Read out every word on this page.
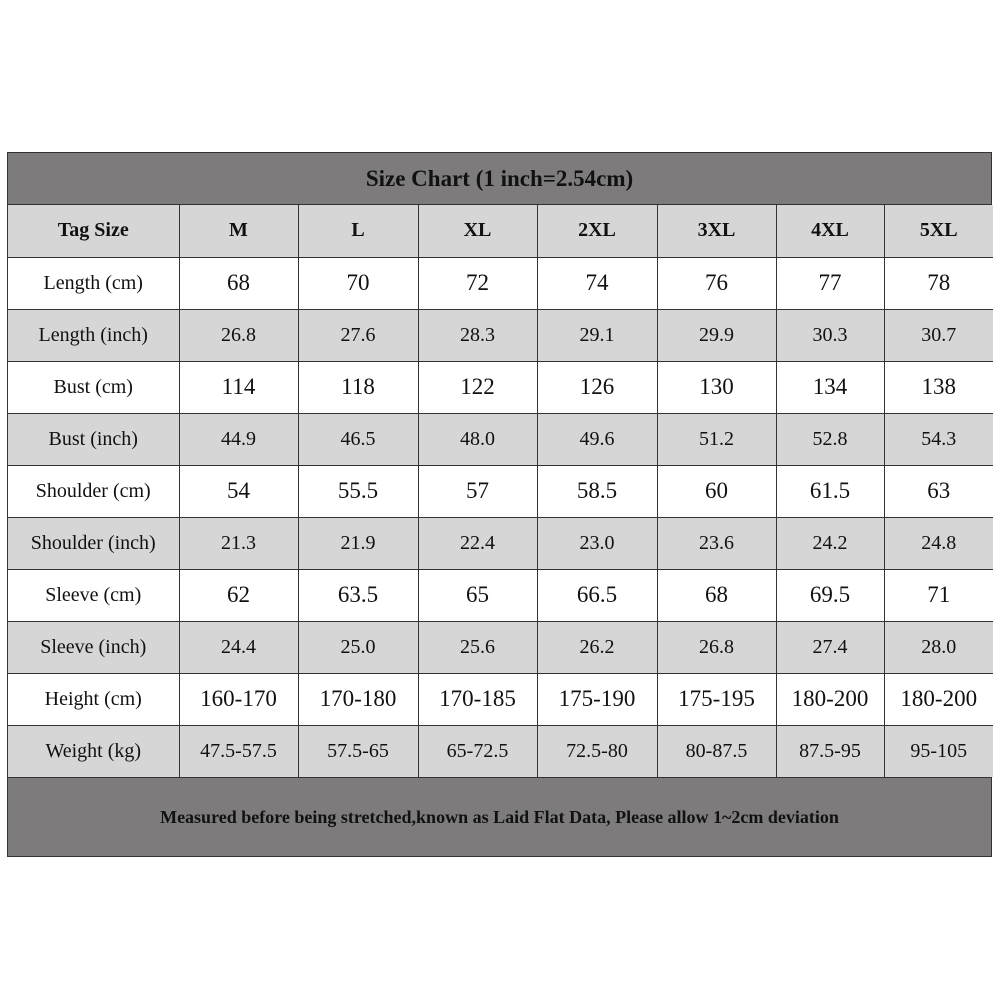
Size Chart (1 inch=2.54cm)
Tag Size	M	L	XL	2XL	3XL	4XL	5XL
Length (cm)	68	70	72	74	76	77	78
Length (inch)	26.8	27.6	28.3	29.1	29.9	30.3	30.7
Bust (cm)	114	118	122	126	130	134	138
Bust (inch)	44.9	46.5	48.0	49.6	51.2	52.8	54.3
Shoulder (cm)	54	55.5	57	58.5	60	61.5	63
Shoulder (inch)	21.3	21.9	22.4	23.0	23.6	24.2	24.8
Sleeve (cm)	62	63.5	65	66.5	68	69.5	71
Sleeve (inch)	24.4	25.0	25.6	26.2	26.8	27.4	28.0
Height (cm)	160-170	170-180	170-185	175-190	175-195	180-200	180-200
Weight (kg)	47.5-57.5	57.5-65	65-72.5	72.5-80	80-87.5	87.5-95	95-105
Measured before being stretched,known as Laid Flat Data, Please allow 1~2cm deviation
